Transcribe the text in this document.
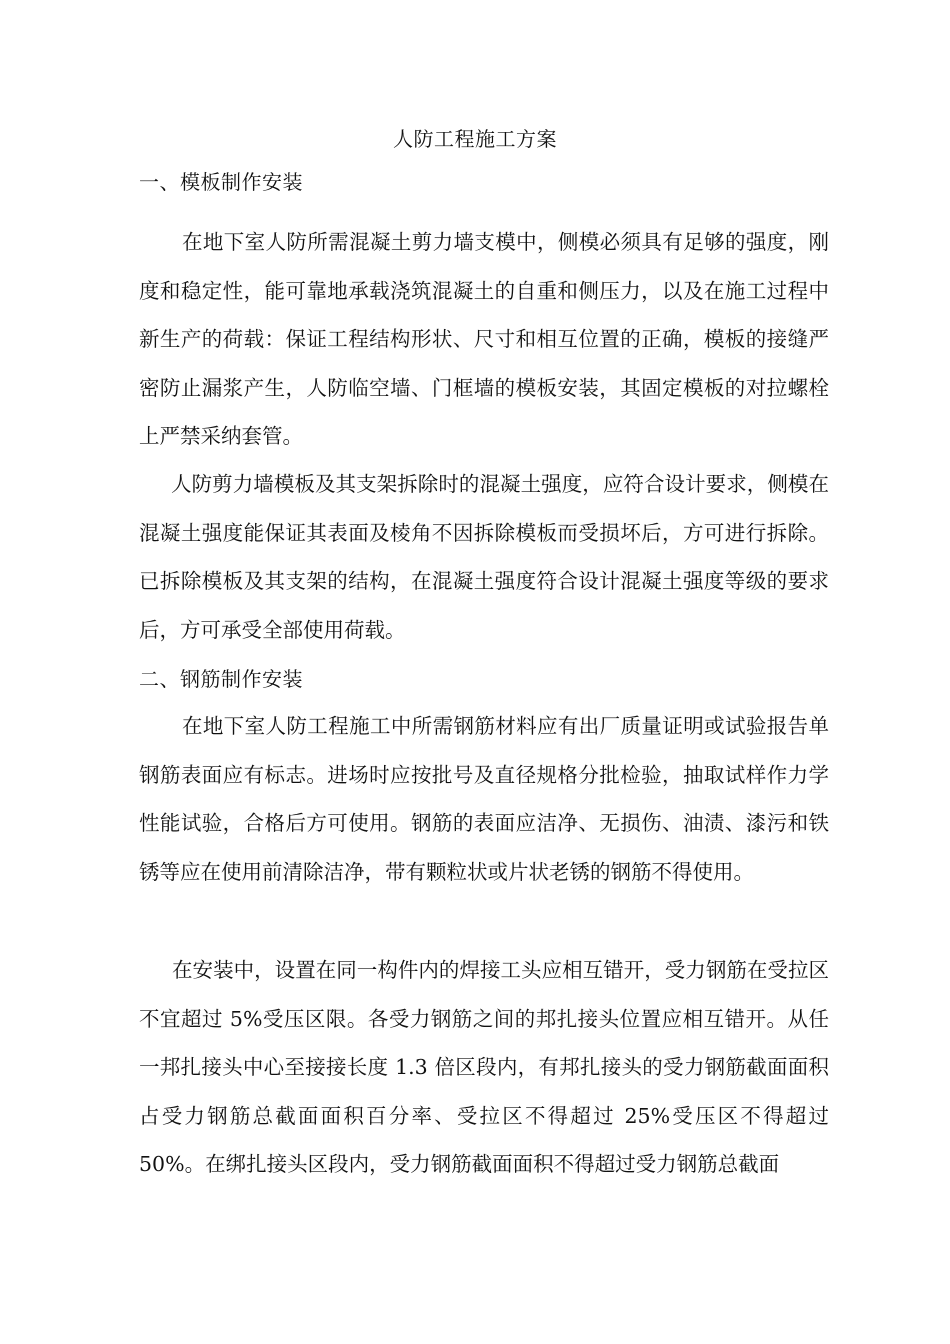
人防工程施工方案
一、模板制作安装
在地下室人防所需混凝土剪力墙支模中，侧模必须具有足够的强度，刚度和稳定性，能可靠地承载浇筑混凝土的自重和侧压力，以及在施工过程中新生产的荷载：保证工程结构形状、尺寸和相互位置的正确，模板的接缝严密防止漏浆产生，人防临空墙、门框墙的模板安装，其固定模板的对拉螺栓上严禁采纳套管。
人防剪力墙模板及其支架拆除时的混凝土强度，应符合设计要求，侧模在混凝土强度能保证其表面及棱角不因拆除模板而受损坏后，方可进行拆除。已拆除模板及其支架的结构，在混凝土强度符合设计混凝土强度等级的要求后，方可承受全部使用荷载。
二、钢筋制作安装
在地下室人防工程施工中所需钢筋材料应有出厂质量证明或试验报告单钢筋表面应有标志。进场时应按批号及直径规格分批检验，抽取试样作力学性能试验，合格后方可使用。钢筋的表面应洁净、无损伤、油渍、漆污和铁锈等应在使用前清除洁净，带有颗粒状或片状老锈的钢筋不得使用。
在安装中，设置在同一构件内的焊接工头应相互错开，受力钢筋在受拉区不宜超过 5%受压区限。各受力钢筋之间的邦扎接头位置应相互错开。从任一邦扎接头中心至接接长度 1.3 倍区段内，有邦扎接头的受力钢筋截面面积占受力钢筋总截面面积百分率、受拉区不得超过 25%受压区不得超过 50%。在绑扎接头区段内，受力钢筋截面面积不得超过受力钢筋总截面
